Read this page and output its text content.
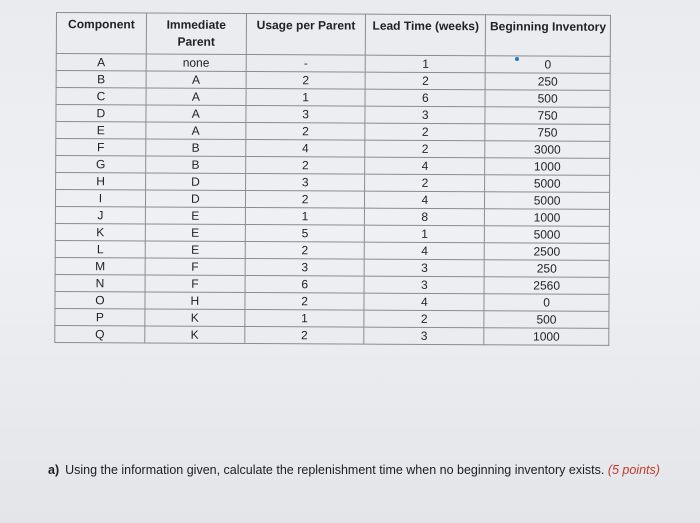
Component	Immediate Parent	Usage per Parent	Lead Time (weeks)	Beginning Inventory
A	none	-	1	0
B	A	2	2	250
C	A	1	6	500
D	A	3	3	750
E	A	2	2	750
F	B	4	2	3000
G	B	2	4	1000
H	D	3	2	5000
I	D	2	4	5000
J	E	1	8	1000
K	E	5	1	5000
L	E	2	4	2500
M	F	3	3	250
N	F	6	3	2560
O	H	2	4	0
P	K	1	2	500
Q	K	2	3	1000
a) Using the information given, calculate the replenishment time when no beginning inventory exists. (5 points)
